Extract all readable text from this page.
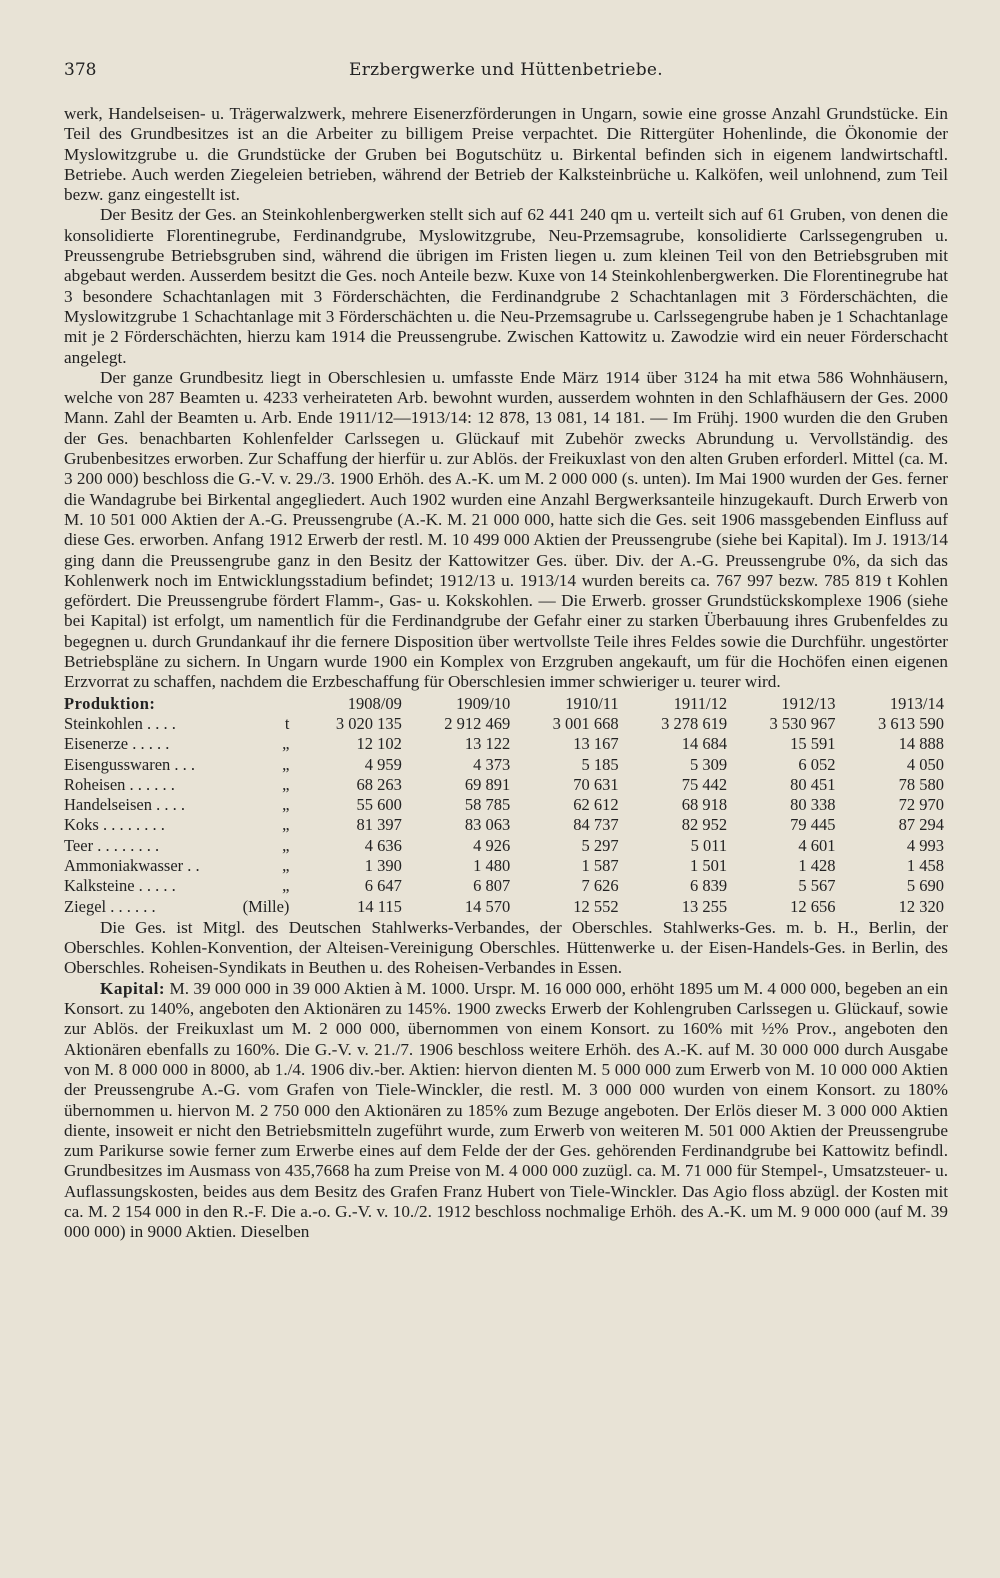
378	Erzbergwerke und Hüttenbetriebe.

werk, Handelseisen- u. Trägerwalzwerk, mehrere Eisenerzförderungen in Ungarn, sowie eine grosse Anzahl Grundstücke. Ein Teil des Grundbesitzes ist an die Arbeiter zu billigem Preise verpachtet. Die Rittergüter Hohenlinde, die Ökonomie der Myslowitzgrube u. die Grundstücke der Gruben bei Bogutschütz u. Birkental befinden sich in eigenem landwirtschaftl. Betriebe. Auch werden Ziegeleien betrieben, während der Betrieb der Kalksteinbrüche u. Kalköfen, weil unlohnend, zum Teil bezw. ganz eingestellt ist.

Der Besitz der Ges. an Steinkohlenbergwerken stellt sich auf 62 441 240 qm u. verteilt sich auf 61 Gruben, von denen die konsolidierte Florentinegrube, Ferdinandgrube, Myslowitzgrube, Neu-Przemsagrube, konsolidierte Carlssegengruben u. Preussengrube Betriebsgruben sind, während die übrigen im Fristen liegen u. zum kleinen Teil von den Betriebsgruben mit abgebaut werden. Ausserdem besitzt die Ges. noch Anteile bezw. Kuxe von 14 Steinkohlenbergwerken. Die Florentinegrube hat 3 besondere Schachtanlagen mit 3 Förderschächten, die Ferdinandgrube 2 Schachtanlagen mit 3 Förderschächten, die Myslowitzgrube 1 Schachtanlage mit 3 Förderschächten u. die Neu-Przemsagrube u. Carlssegengrube haben je 1 Schachtanlage mit je 2 Förderschächten, hierzu kam 1914 die Preussengrube. Zwischen Kattowitz u. Zawodzie wird ein neuer Förderschacht angelegt.

Der ganze Grundbesitz liegt in Oberschlesien u. umfasste Ende März 1914 über 3124 ha mit etwa 586 Wohnhäusern, welche von 287 Beamten u. 4233 verheirateten Arb. bewohnt wurden, ausserdem wohnten in den Schlafhäusern der Ges. 2000 Mann. Zahl der Beamten u. Arb. Ende 1911/12—1913/14: 12 878, 13 081, 14 181. — Im Frühj. 1900 wurden die den Gruben der Ges. benachbarten Kohlenfelder Carlssegen u. Glückauf mit Zubehör zwecks Abrundung u. Vervollständig. des Grubenbesitzes erworben. Zur Schaffung der hierfür u. zur Ablös. der Freikuxlast von den alten Gruben erforderl. Mittel (ca. M. 3 200 000) beschloss die G.-V. v. 29./3. 1900 Erhöh. des A.-K. um M. 2 000 000 (s. unten). Im Mai 1900 wurden der Ges. ferner die Wandagrube bei Birkental angegliedert. Auch 1902 wurden eine Anzahl Bergwerksanteile hinzugekauft. Durch Erwerb von M. 10 501 000 Aktien der A.-G. Preussengrube (A.-K. M. 21 000 000, hatte sich die Ges. seit 1906 massgebenden Einfluss auf diese Ges. erworben. Anfang 1912 Erwerb der restl. M. 10 499 000 Aktien der Preussengrube (siehe bei Kapital). Im J. 1913/14 ging dann die Preussengrube ganz in den Besitz der Kattowitzer Ges. über. Div. der A.-G. Preussengrube 0%, da sich das Kohlenwerk noch im Entwicklungsstadium befindet; 1912/13 u. 1913/14 wurden bereits ca. 767 997 bezw. 785 819 t Kohlen gefördert. Die Preussengrube fördert Flamm-, Gas- u. Kokskohlen. — Die Erwerb. grosser Grundstückskomplexe 1906 (siehe bei Kapital) ist erfolgt, um namentlich für die Ferdinandgrube der Gefahr einer zu starken Überbauung ihres Grubenfeldes zu begegnen u. durch Grundankauf ihr die fernere Disposition über wertvollste Teile ihres Feldes sowie die Durchführ. ungestörter Betriebspläne zu sichern. In Ungarn wurde 1900 ein Komplex von Erzgruben angekauft, um für die Hochöfen einen eigenen Erzvorrat zu schaffen, nachdem die Erzbeschaffung für Oberschlesien immer schwieriger u. teurer wird.

Produktion:		1908/09	1909/10	1910/11	1911/12	1912/13	1913/14
Steinkohlen . . . .	t	3 020 135	2 912 469	3 001 668	3 278 619	3 530 967	3 613 590
Eisenerze . . . . .	„	12 102	13 122	13 167	14 684	15 591	14 888
Eisengusswaren . . .	„	4 959	4 373	5 185	5 309	6 052	4 050
Roheisen . . . . . .	„	68 263	69 891	70 631	75 442	80 451	78 580
Handelseisen . . . .	„	55 600	58 785	62 612	68 918	80 338	72 970
Koks . . . . . . . .	„	81 397	83 063	84 737	82 952	79 445	87 294
Teer . . . . . . . .	„	4 636	4 926	5 297	5 011	4 601	4 993
Ammoniakwasser . .	„	1 390	1 480	1 587	1 501	1 428	1 458
Kalksteine . . . . .	„	6 647	6 807	7 626	6 839	5 567	5 690
Ziegel . . . . . .	(Mille)	14 115	14 570	12 552	13 255	12 656	12 320

Die Ges. ist Mitgl. des Deutschen Stahlwerks-Verbandes, der Oberschles. Stahlwerks-Ges. m. b. H., Berlin, der Oberschles. Kohlen-Konvention, der Alteisen-Vereinigung Oberschles. Hüttenwerke u. der Eisen-Handels-Ges. in Berlin, des Oberschles. Roheisen-Syndikats in Beuthen u. des Roheisen-Verbandes in Essen.

Kapital: M. 39 000 000 in 39 000 Aktien à M. 1000. Urspr. M. 16 000 000, erhöht 1895 um M. 4 000 000, begeben an ein Konsort. zu 140%, angeboten den Aktionären zu 145%. 1900 zwecks Erwerb der Kohlengruben Carlssegen u. Glückauf, sowie zur Ablös. der Freikuxlast um M. 2 000 000, übernommen von einem Konsort. zu 160% mit ½% Prov., angeboten den Aktionären ebenfalls zu 160%. Die G.-V. v. 21./7. 1906 beschloss weitere Erhöh. des A.-K. auf M. 30 000 000 durch Ausgabe von M. 8 000 000 in 8000, ab 1./4. 1906 div.-ber. Aktien: hiervon dienten M. 5 000 000 zum Erwerb von M. 10 000 000 Aktien der Preussengrube A.-G. vom Grafen von Tiele-Winckler, die restl. M. 3 000 000 wurden von einem Konsort. zu 180% übernommen u. hiervon M. 2 750 000 den Aktionären zu 185% zum Bezuge angeboten. Der Erlös dieser M. 3 000 000 Aktien diente, insoweit er nicht den Betriebsmitteln zugeführt wurde, zum Erwerb von weiteren M. 501 000 Aktien der Preussengrube zum Parikurse sowie ferner zum Erwerbe eines auf dem Felde der der Ges. gehörenden Ferdinandgrube bei Kattowitz befindl. Grundbesitzes im Ausmass von 435,7668 ha zum Preise von M. 4 000 000 zuzügl. ca. M. 71 000 für Stempel-, Umsatzsteuer- u. Auflassungskosten, beides aus dem Besitz des Grafen Franz Hubert von Tiele-Winckler. Das Agio floss abzügl. der Kosten mit ca. M. 2 154 000 in den R.-F. Die a.-o. G.-V. v. 10./2. 1912 beschloss nochmalige Erhöh. des A.-K. um M. 9 000 000 (auf M. 39 000 000) in 9000 Aktien. Dieselben
